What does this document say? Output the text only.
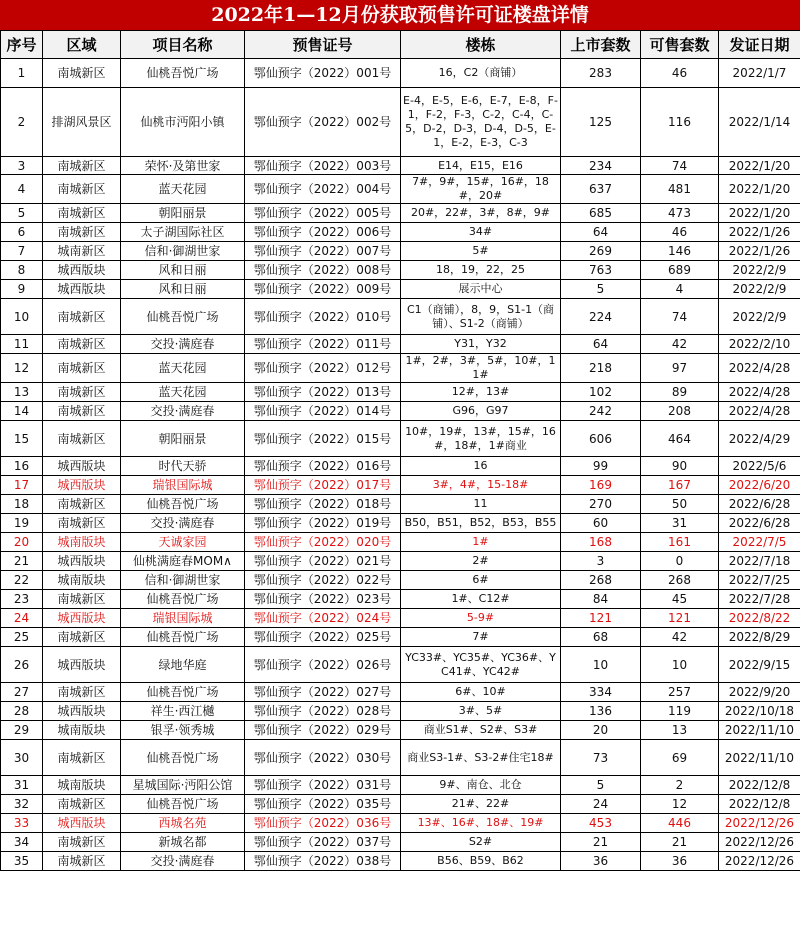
2022年1—12月份获取预售许可证楼盘详情
序号	区域	项目名称	预售证号	楼栋	上市套数	可售套数	发证日期
1	南城新区	仙桃吾悦广场	鄂仙预字（2022）001号	16，C2（商铺）	283	46	2022/1/7
2	排湖风景区	仙桃市沔阳小镇	鄂仙预字（2022）002号	E-4，E-5，E-6，E-7，E-8，F-1，F-2，F-3，C-2，C-4，C-5，D-2，D-3，D-4，D-5，E-1，E-2，E-3，C-3	125	116	2022/1/14
3	南城新区	荣怀·及第世家	鄂仙预字（2022）003号	E14，E15，E16	234	74	2022/1/20
4	南城新区	蓝天花园	鄂仙预字（2022）004号	7#，9#，15#，16#，18#，20#	637	481	2022/1/20
5	南城新区	朝阳丽景	鄂仙预字（2022）005号	20#，22#，3#，8#，9#	685	473	2022/1/20
6	南城新区	太子湖国际社区	鄂仙预字（2022）006号	34#	64	46	2022/1/26
7	城南新区	信和·御湖世家	鄂仙预字（2022）007号	5#	269	146	2022/1/26
8	城西版块	风和日丽	鄂仙预字（2022）008号	18，19，22，25	763	689	2022/2/9
9	城西版块	风和日丽	鄂仙预字（2022）009号	展示中心	5	4	2022/2/9
10	南城新区	仙桃吾悦广场	鄂仙预字（2022）010号	C1（商铺），8，9，S1-1（商铺）、S1-2（商铺）	224	74	2022/2/9
11	南城新区	交投·满庭春	鄂仙预字（2022）011号	Y31，Y32	64	42	2022/2/10
12	南城新区	蓝天花园	鄂仙预字（2022）012号	1#，2#，3#，5#，10#，11#	218	97	2022/4/28
13	南城新区	蓝天花园	鄂仙预字（2022）013号	12#，13#	102	89	2022/4/28
14	南城新区	交投·满庭春	鄂仙预字（2022）014号	G96，G97	242	208	2022/4/28
15	南城新区	朝阳丽景	鄂仙预字（2022）015号	10#，19#，13#，15#，16#，18#，1#商业	606	464	2022/4/29
16	城西版块	时代天骄	鄂仙预字（2022）016号	16	99	90	2022/5/6
17	城西版块	瑞银国际城	鄂仙预字（2022）017号	3#，4#，15-18#	169	167	2022/6/20
18	南城新区	仙桃吾悦广场	鄂仙预字（2022）018号	11	270	50	2022/6/28
19	南城新区	交投·满庭春	鄂仙预字（2022）019号	B50，B51，B52，B53，B55	60	31	2022/6/28
20	城南版块	天诚家园	鄂仙预字（2022）020号	1#	168	161	2022/7/5
21	城西版块	仙桃满庭春MOM∧	鄂仙预字（2022）021号	2#	3	0	2022/7/18
22	城南版块	信和·御湖世家	鄂仙预字（2022）022号	6#	268	268	2022/7/25
23	南城新区	仙桃吾悦广场	鄂仙预字（2022）023号	1#、C12#	84	45	2022/7/28
24	城西版块	瑞银国际城	鄂仙预字（2022）024号	5-9#	121	121	2022/8/22
25	南城新区	仙桃吾悦广场	鄂仙预字（2022）025号	7#	68	42	2022/8/29
26	城西版块	绿地华庭	鄂仙预字（2022）026号	YC33#、YC35#、YC36#、YC41#、YC42#	10	10	2022/9/15
27	南城新区	仙桃吾悦广场	鄂仙预字（2022）027号	6#、10#	334	257	2022/9/20
28	城西版块	祥生·西江樾	鄂仙预字（2022）028号	3#、5#	136	119	2022/10/18
29	城南版块	银孚·领秀城	鄂仙预字（2022）029号	商业S1#、S2#、S3#	20	13	2022/11/10
30	南城新区	仙桃吾悦广场	鄂仙预字（2022）030号	商业S3-1#、S3-2#住宅18#	73	69	2022/11/10
31	城南版块	星城国际·沔阳公馆	鄂仙预字（2022）031号	9#、南仓、北仓	5	2	2022/12/8
32	南城新区	仙桃吾悦广场	鄂仙预字（2022）035号	21#、22#	24	12	2022/12/8
33	城西版块	西城名苑	鄂仙预字（2022）036号	13#、16#、18#、19#	453	446	2022/12/26
34	南城新区	新城名都	鄂仙预字（2022）037号	S2#	21	21	2022/12/26
35	南城新区	交投·满庭春	鄂仙预字（2022）038号	B56、B59、B62	36	36	2022/12/26
